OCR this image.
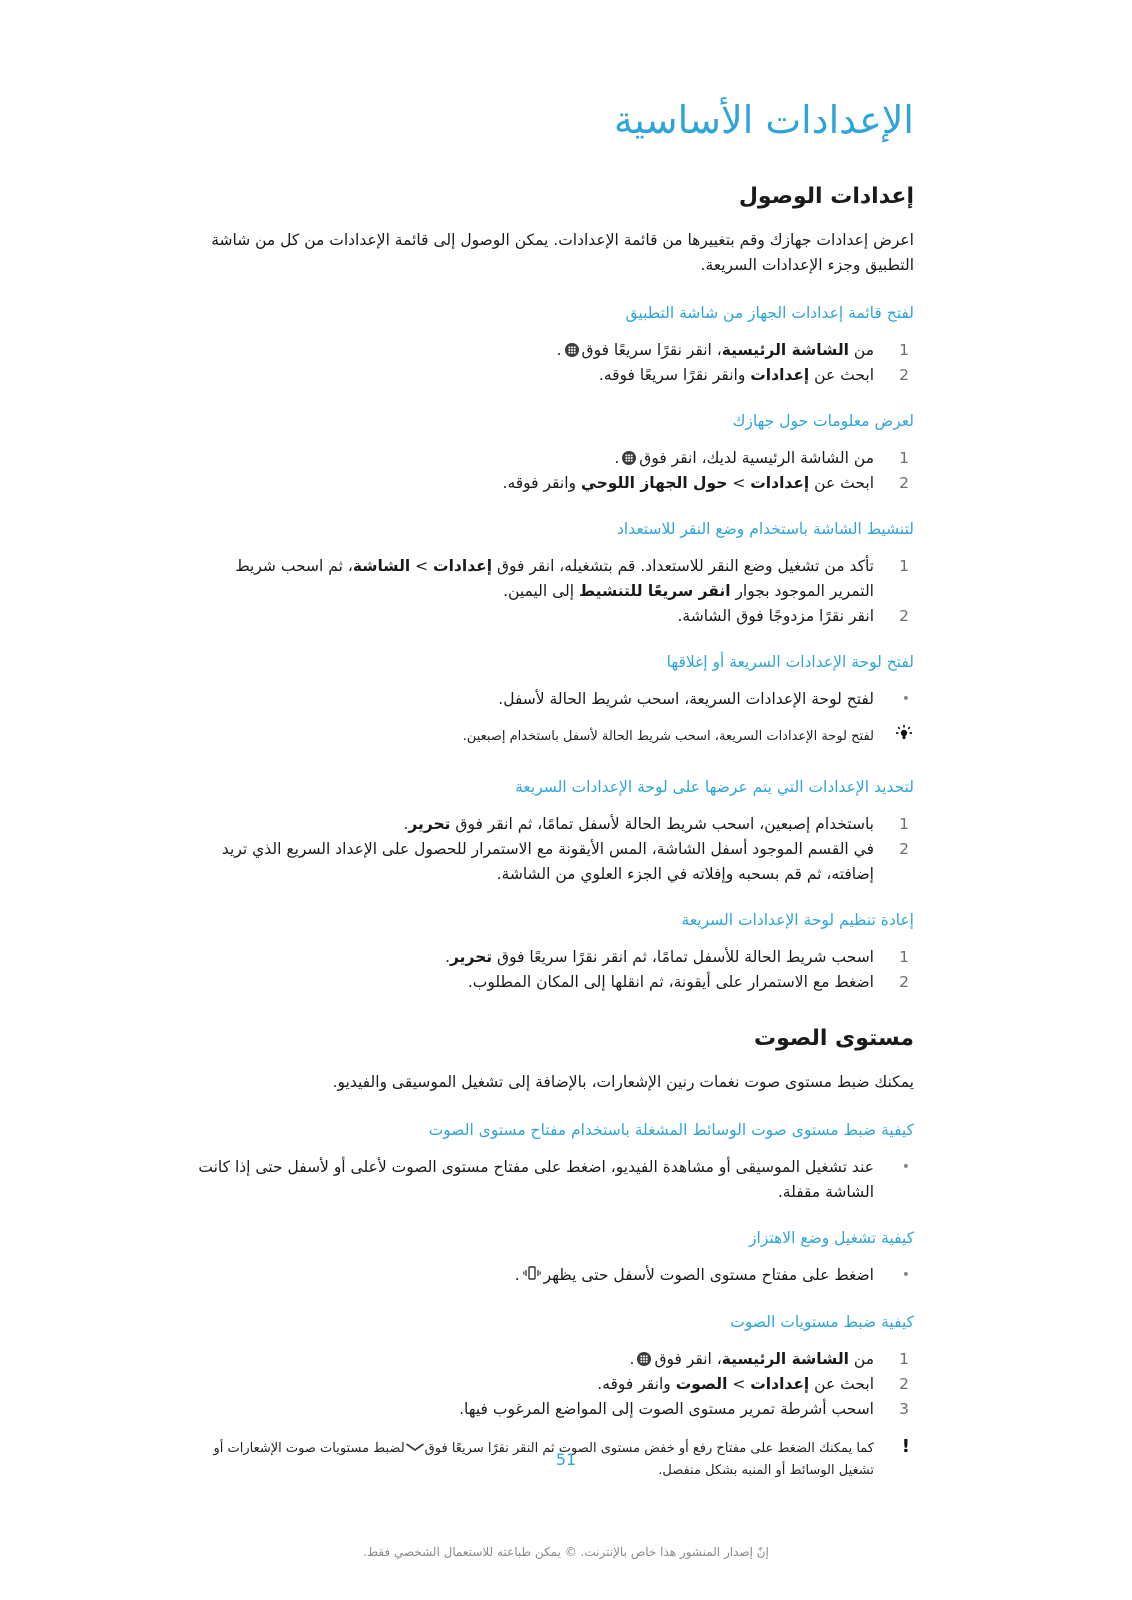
الإعدادات الأساسية
إعدادات الوصول

اعرض إعدادات جهازك وقم بتغييرها من قائمة الإعدادات. يمكن الوصول إلى قائمة الإعدادات من كل من شاشة التطبيق وجزء الإعدادات السريعة.

لفتح قائمة إعدادات الجهاز من شاشة التطبيق
1
من الشاشة الرئيسية، انقر نقرًا سريعًا فوق.
2
ابحث عن إعدادات وانقر نقرًا سريعًا فوقه.
لعرض معلومات حول جهازك
1
من الشاشة الرئيسية لديك، انقر فوق.
2
ابحث عن إعدادات > حول الجهاز اللوحي وانقر فوقه.
لتنشيط الشاشة باستخدام وضع النقر للاستعداد
1
تأكد من تشغيل وضع النقر للاستعداد. قم بتشغيله، انقر فوق إعدادات > الشاشة، ثم اسحب شريط التمرير الموجود بجوار انقر سريعًا للتنشيط إلى اليمين.
2
انقر نقرًا مزدوجًا فوق الشاشة.
لفتح لوحة الإعدادات السريعة أو إغلاقها
•
لفتح لوحة الإعدادات السريعة، اسحب شريط الحالة لأسفل.
لفتح لوحة الإعدادات السريعة، اسحب شريط الحالة لأسفل باستخدام إصبعين.
لتحديد الإعدادات التي يتم عرضها على لوحة الإعدادات السريعة
1
باستخدام إصبعين، اسحب شريط الحالة لأسفل تمامًا، ثم انقر فوق تحرير.
2
في القسم الموجود أسفل الشاشة، المس الأيقونة مع الاستمرار للحصول على الإعداد السريع الذي تريد إضافته، ثم قم بسحبه وإفلاته في الجزء العلوي من الشاشة.
إعادة تنظيم لوحة الإعدادات السريعة
1
اسحب شريط الحالة للأسفل تمامًا، ثم انقر نقرًا سريعًا فوق تحرير.
2
اضغط مع الاستمرار على أيقونة، ثم انقلها إلى المكان المطلوب.
مستوى الصوت

يمكنك ضبط مستوى صوت نغمات رنين الإشعارات، بالإضافة إلى تشغيل الموسيقى والفيديو.

كيفية ضبط مستوى صوت الوسائط المشغلة باستخدام مفتاح مستوى الصوت
•
عند تشغيل الموسيقى أو مشاهدة الفيديو، اضغط على مفتاح مستوى الصوت لأعلى أو لأسفل حتى إذا كانت الشاشة مقفلة.
كيفية تشغيل وضع الاهتزاز
•
اضغط على مفتاح مستوى الصوت لأسفل حتى يظهر.
كيفية ضبط مستويات الصوت
1
من الشاشة الرئيسية، انقر فوق.
2
ابحث عن إعدادات > الصوت وانقر فوقه.
3
اسحب أشرطة تمرير مستوى الصوت إلى المواضع المرغوب فيها.
!
كما يمكنك الضغط على مفتاح رفع أو خفض مستوى الصوت ثم النقر نقرًا سريعًا فوقلضبط مستويات صوت الإشعارات أو تشغيل الوسائط أو المنبه بشكل منفصل.
51
إنّ إصدار المنشور هذا خاص بالإنترنت. © يمكن طباعته للاستعمال الشخصي فقط.
